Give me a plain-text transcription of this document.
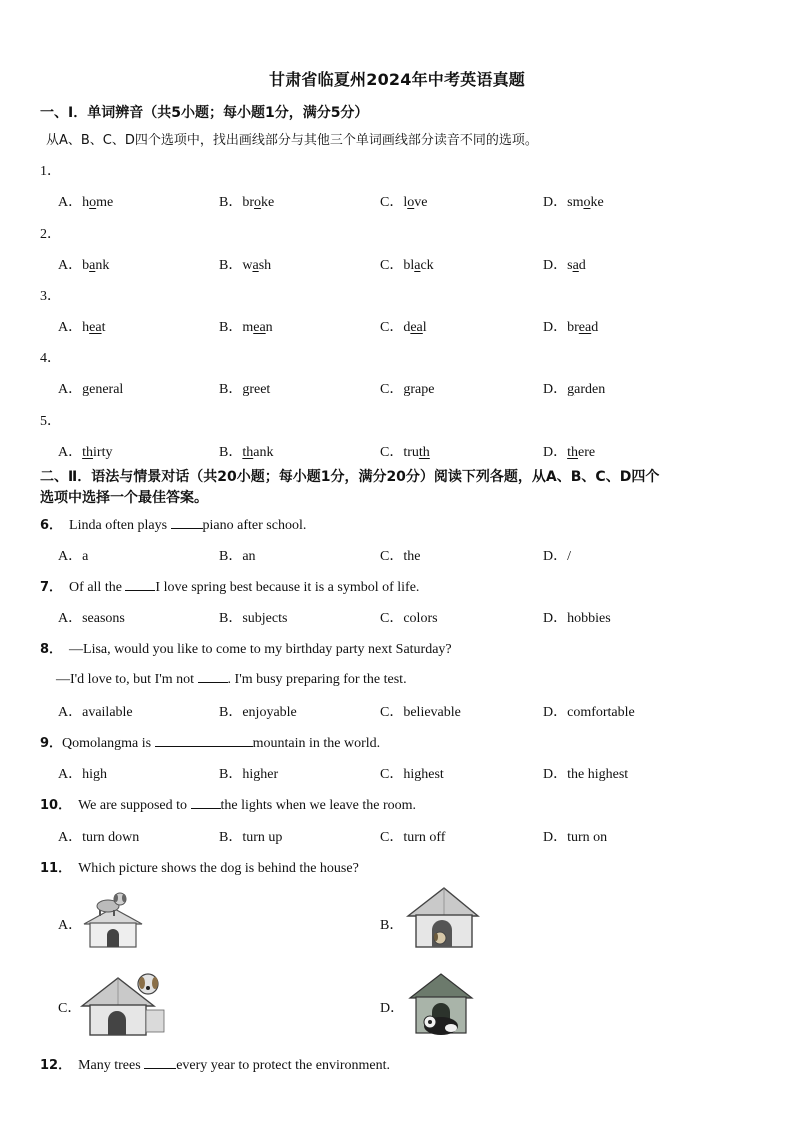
甘肃省临夏州2024年中考英语真题
一、Ⅰ．单词辨音（共5小题；每小题1分，满分5分）
从A、B、C、D四个选项中，找出画线部分与其他三个单词画线部分读音不同的选项。
1．
A．home	B．broke	C．love	D．smoke
2．
A．bank	B．wash	C．black	D．sad
3．
A．heat	B．mean	C．deal	D．bread
4．
A．general	B．greet	C．grape	D．garden
5．
A．thirty	B．thank	C．truth	D．there
二、Ⅱ．语法与情景对话（共20小题；每小题1分，满分20分）阅读下列各题，从A、B、C、D四个
选项中选择一个最佳答案。
6． Linda often plays piano after school.
A．a	B．an	C．the	D．/
7． Of all the I love spring best because it is a symbol of life.
A．seasons	B．subjects	C．colors	D．hobbies
8． —Lisa, would you like to come to my birthday party next Saturday?
—I'd love to, but I'm not . I'm busy preparing for the test.
A．available	B．enjoyable	C．believable	D．comfortable
9．Qomolangma is	mountain in the world.
A．high	B．higher	C．highest	D．the highest
10． We are supposed to the lights when we leave the room.
A．turn down	B．turn up	C．turn off	D．turn on
11． Which picture shows the dog is behind the house?
A．	B．
C．	D．
12． Many trees every year to protect the environment.
